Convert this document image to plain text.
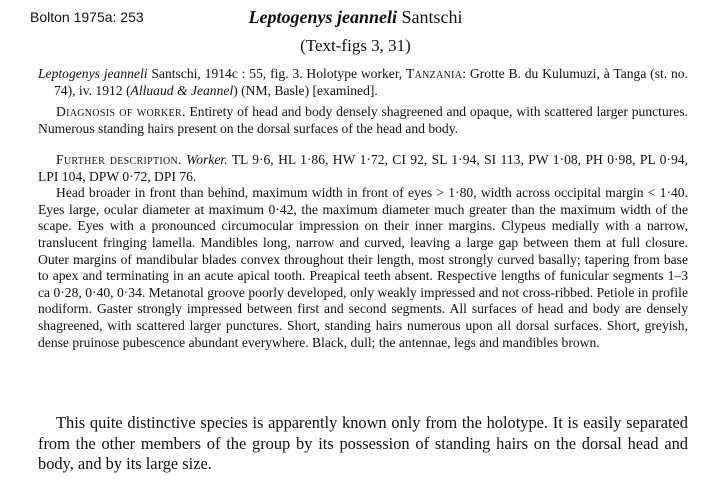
Bolton 1975a: 253	Leptogenys jeanneli Santschi
(Text-figs 3, 31)

Leptogenys jeanneli Santschi, 1914c : 55, fig. 3. Holotype worker, Tanzania: Grotte B. du Kulumuzi, à Tanga (st. no. 74), iv. 1912 (Alluaud & Jeannel) (NM, Basle) [examined].

Diagnosis of worker. Entirety of head and body densely shagreened and opaque, with scattered larger punctures. Numerous standing hairs present on the dorsal surfaces of the head and body.

Further description. Worker. TL 9·6, HL 1·86, HW 1·72, CI 92, SL 1·94, SI 113, PW 1·08, PH 0·98, PL 0·94, LPI 104, DPW 0·72, DPI 76.

Head broader in front than behind, maximum width in front of eyes > 1·80, width across occipital margin < 1·40. Eyes large, ocular diameter at maximum 0·42, the maximum diameter much greater than the maximum width of the scape. Eyes with a pronounced circumocular impression on their inner margins. Clypeus medially with a narrow, translucent fringing lamella. Mandibles long, narrow and curved, leaving a large gap between them at full closure. Outer margins of mandibular blades convex throughout their length, most strongly curved basally; tapering from base to apex and terminating in an acute apical tooth. Preapical teeth absent. Respective lengths of funicular segments 1–3 ca 0·28, 0·40, 0·34. Metanotal groove poorly developed, only weakly impressed and not cross-ribbed. Petiole in profile nodiform. Gaster strongly impressed between first and second segments. All surfaces of head and body are densely shagreened, with scattered larger punctures. Short, standing hairs numerous upon all dorsal surfaces. Short, greyish, dense pruinose pubescence abundant everywhere. Black, dull; the antennae, legs and mandibles brown.

This quite distinctive species is apparently known only from the holotype. It is easily separated from the other members of the group by its possession of standing hairs on the dorsal head and body, and by its large size.
